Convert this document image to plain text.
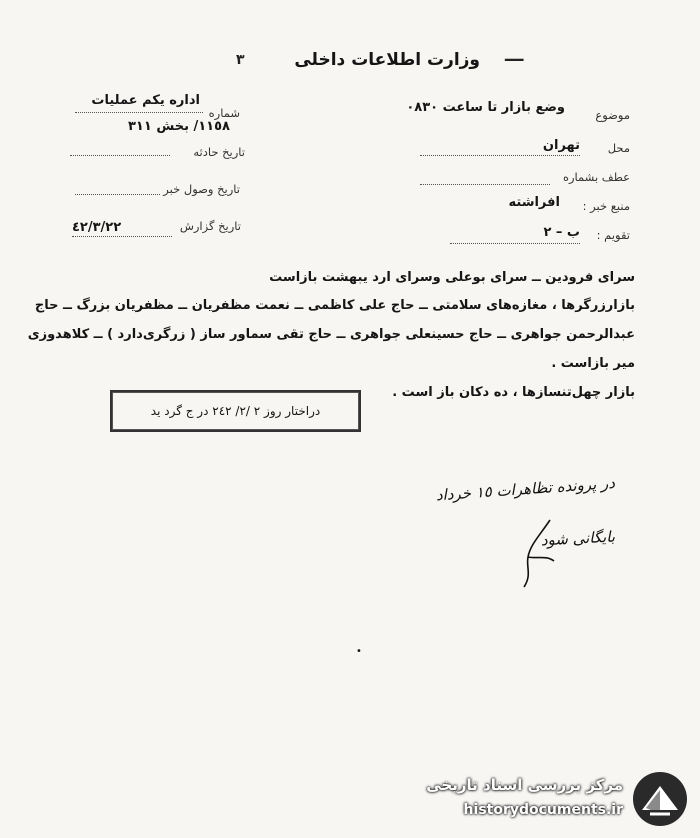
ـــ
٣	وزارت اطلاعات داخلی
اداره یکم عملیات
شماره
١١٥٨/ بخش ٣١١
تاریخ حادثه
تاریخ وصول خبر
تاریخ گزارش
٤٢/٣/٢٢
موضوع
وضع بازار تا ساعت ٠٨٣٠
محل
تهران
عطف بشماره
منبع خبر :
افراشته
تقویم :
ب – ٢
سرای فرودین ــ سرای بوعلی وسرای ارد یبهشت بازاست
بازارزرگرها ، مغازه‌های سلامتی ــ حاج علی کاظمی ــ نعمت مظفریان ــ مظفریان بزرگ ــ حاج
عبدالرحمن جواهری ــ حاج حسینعلی جواهری ــ حاج تقی سماور ساز ( زرگری‌دارد ) ــ کلاهدوزی
میر بازاست .
بازار چهل‌تنسازها ، ده دکان باز است .
دراختار روز ٢ /٢/ ٢٤٢ در ج گرد ید
در پرونده تظاهرات ١٥ خرداد
بایگانی شود
•
مرکز بررسی اسناد تاریخی
historydocuments.ir
